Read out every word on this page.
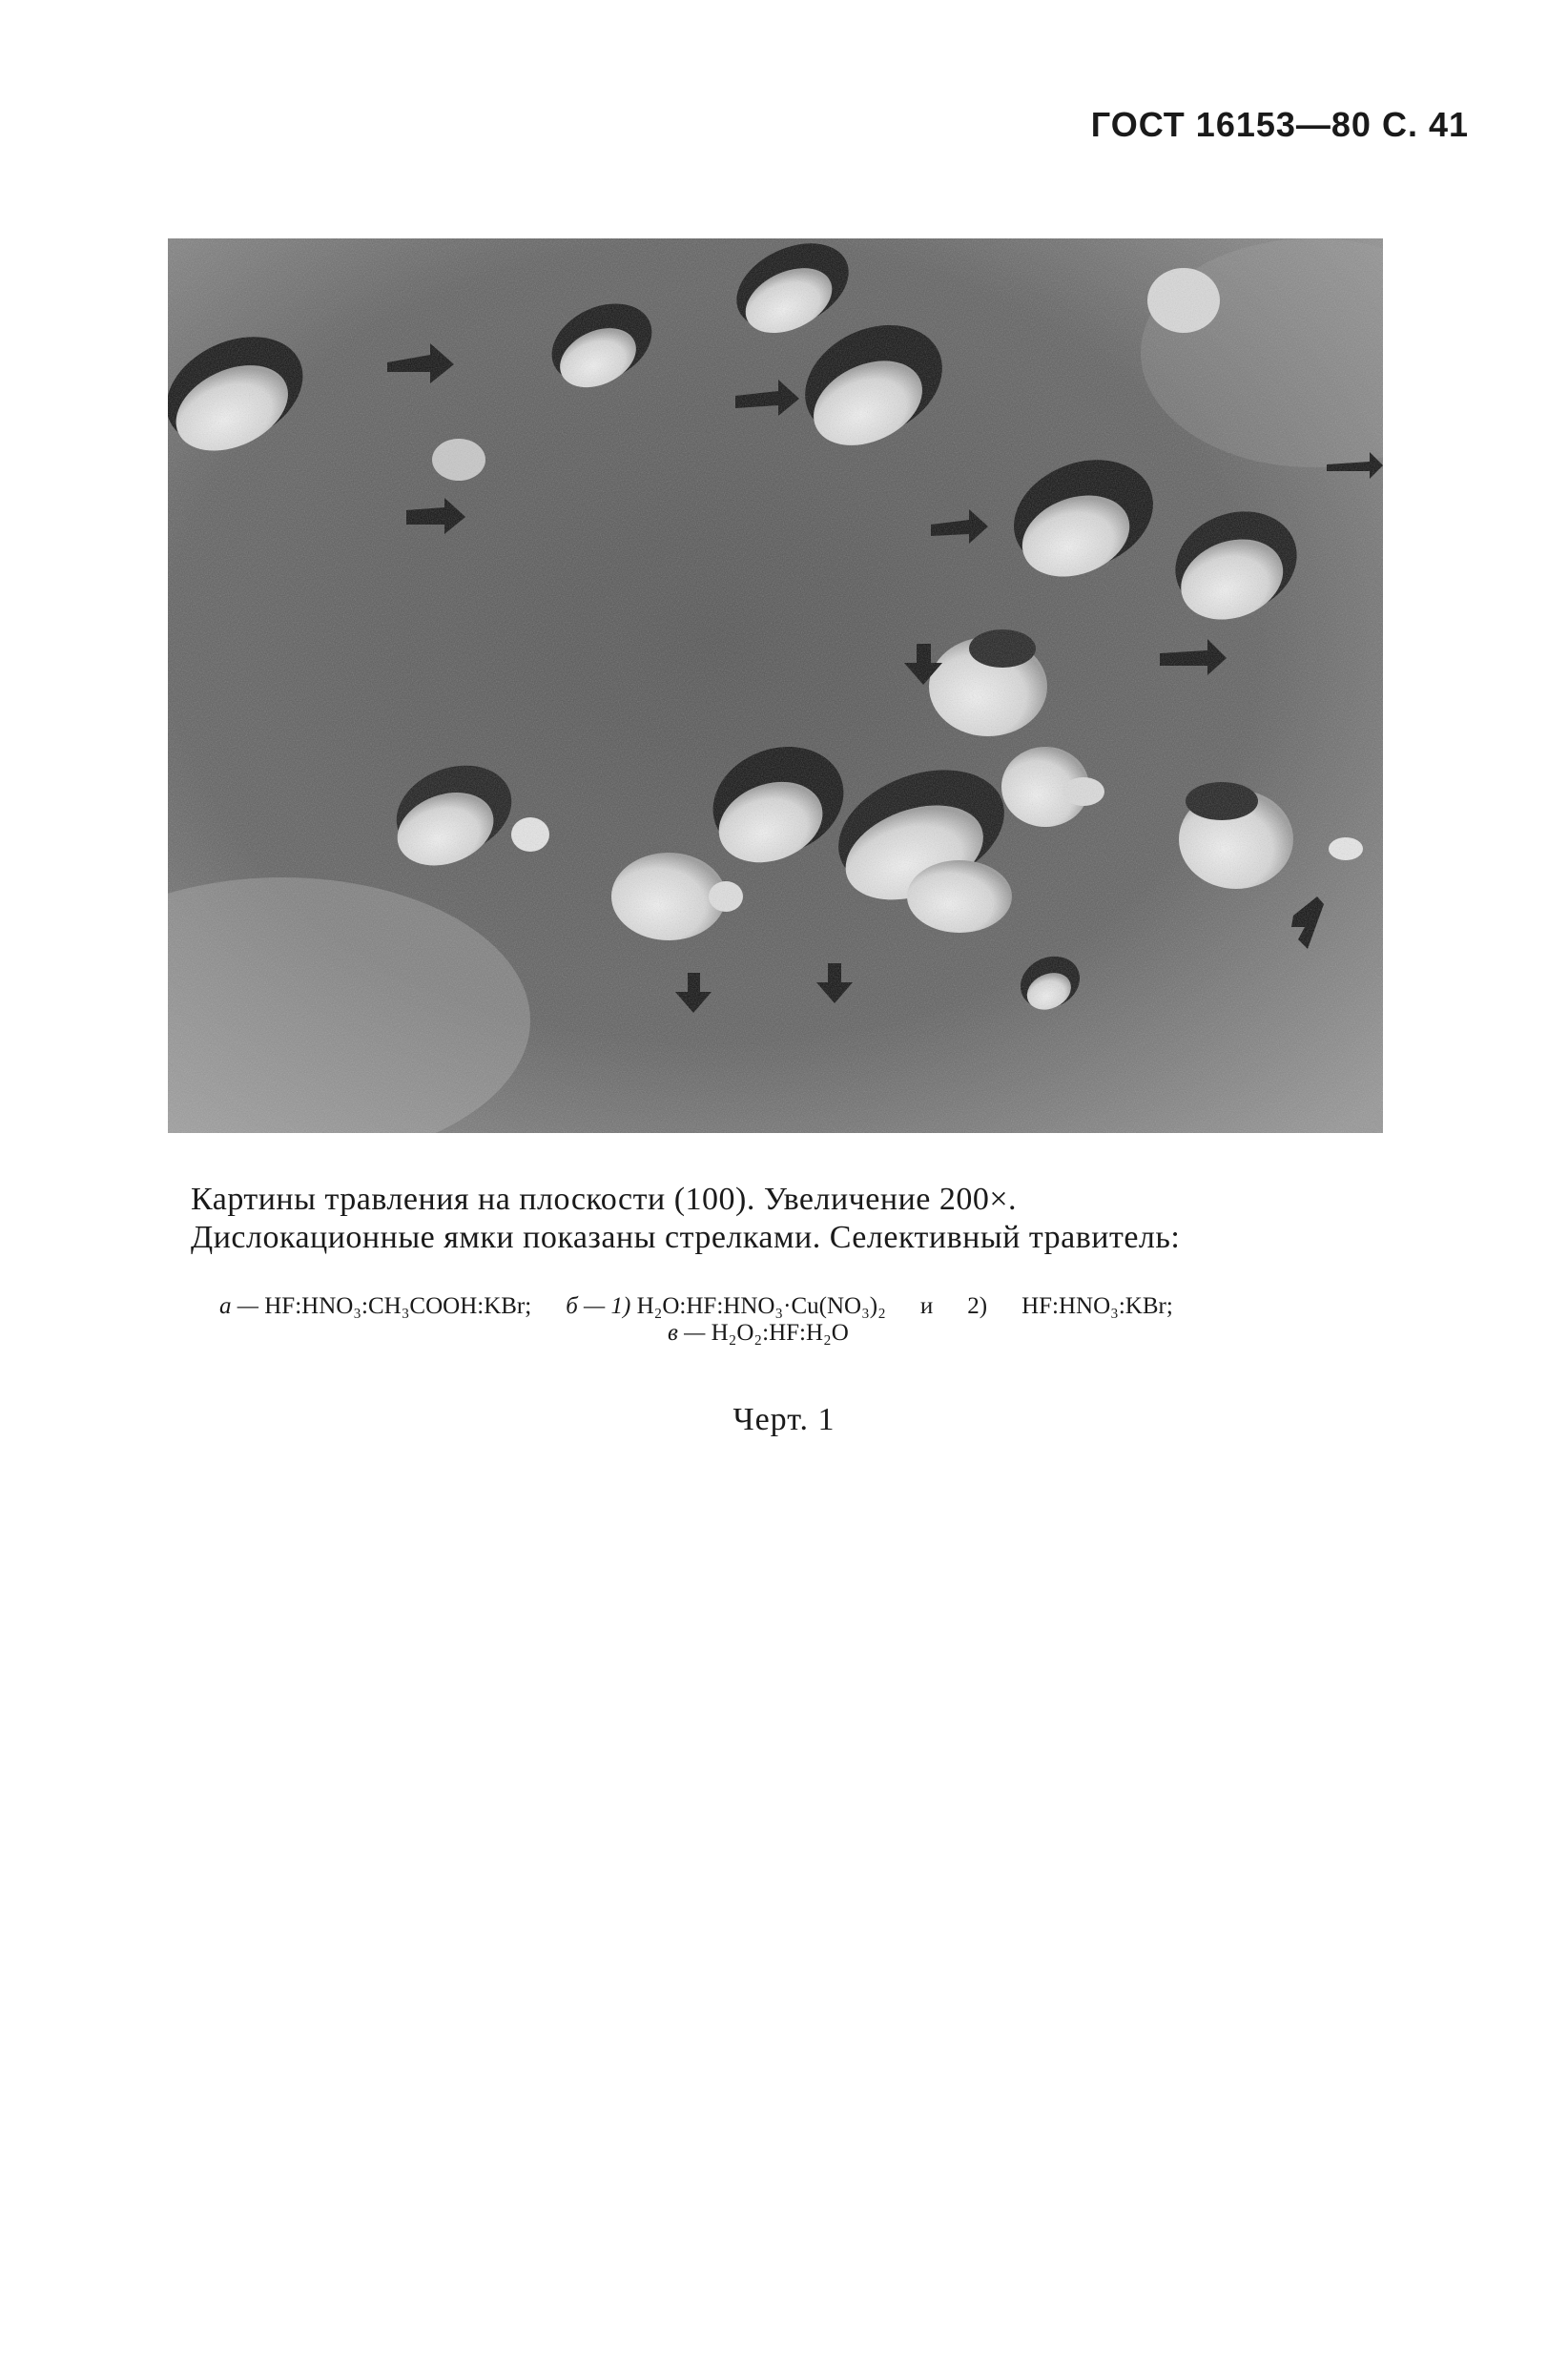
ГОСТ 16153—80 С. 41
Картины травления на плоскости (100). Увеличение 200×.
Дислокационные ямки показаны стрелками. Селективный травитель:
а — HF:HNO₃:CH₃COOH:KBr; б — 1) H₂O:HF:HNO₃·Cu(NO₃)₂ и 2) HF:HNO₃:KBr;
в — H₂O₂:HF:H₂O
Черт. 1
